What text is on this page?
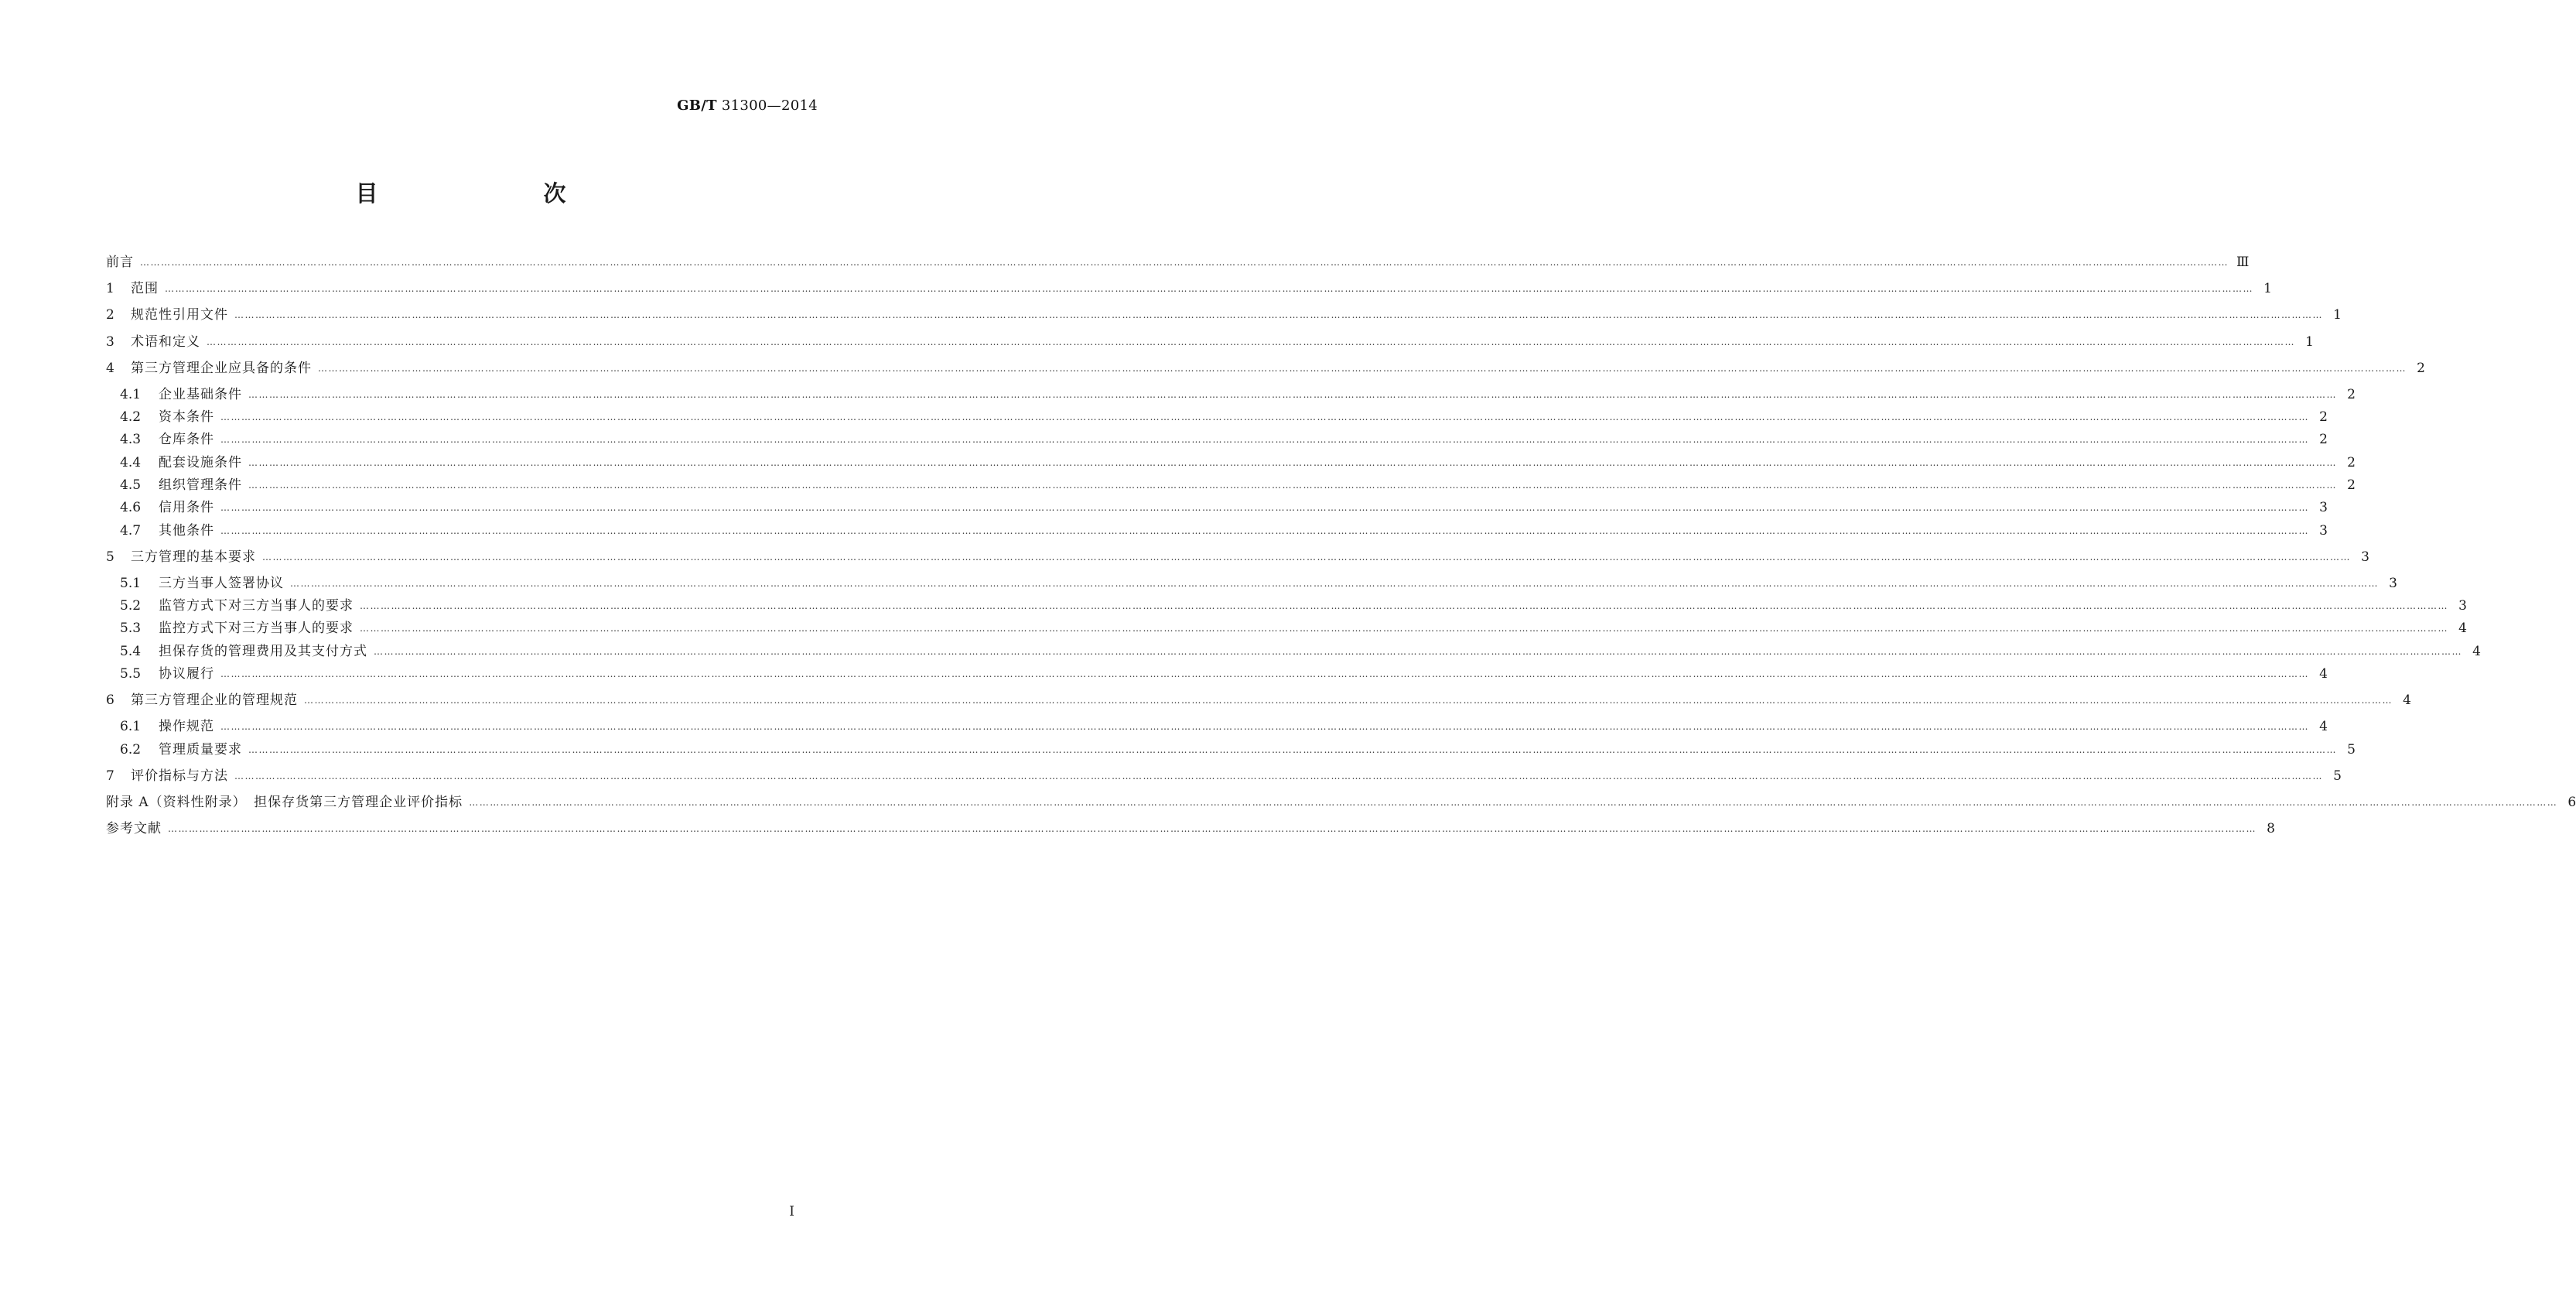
GB/T 31300—2014
目　　次
前言 …………………………………………………………………………………………………………………………………………………………………………………………………………………………………………………………………………………………………………………………………………………………………………………………………………………………………………………………………………………………………………………………………………………… Ⅲ
1	范围 …………………………………………………………………………………………………………………………………………………………………………………………………………………………………………………………………………………………………………………………………………………………………………………………………………………………………………………………………………………………………………………………………………………… 1
2	规范性引用文件 …………………………………………………………………………………………………………………………………………………………………………………………………………………………………………………………………………………………………………………………………………………………………………………………………………………………………………………………………………………………………………………………………………………… 1
3	术语和定义 …………………………………………………………………………………………………………………………………………………………………………………………………………………………………………………………………………………………………………………………………………………………………………………………………………………………………………………………………………………………………………………………………………………… 1
4	第三方管理企业应具备的条件 …………………………………………………………………………………………………………………………………………………………………………………………………………………………………………………………………………………………………………………………………………………………………………………………………………………………………………………………………………………………………………………………………………………… 2
4.1	企业基础条件 …………………………………………………………………………………………………………………………………………………………………………………………………………………………………………………………………………………………………………………………………………………………………………………………………………………………………………………………………………………………………………………………………………………… 2
4.2	资本条件 …………………………………………………………………………………………………………………………………………………………………………………………………………………………………………………………………………………………………………………………………………………………………………………………………………………………………………………………………………………………………………………………………………………… 2
4.3	仓库条件 …………………………………………………………………………………………………………………………………………………………………………………………………………………………………………………………………………………………………………………………………………………………………………………………………………………………………………………………………………………………………………………………………………………… 2
4.4	配套设施条件 …………………………………………………………………………………………………………………………………………………………………………………………………………………………………………………………………………………………………………………………………………………………………………………………………………………………………………………………………………………………………………………………………………………… 2
4.5	组织管理条件 …………………………………………………………………………………………………………………………………………………………………………………………………………………………………………………………………………………………………………………………………………………………………………………………………………………………………………………………………………………………………………………………………………………… 2
4.6	信用条件 …………………………………………………………………………………………………………………………………………………………………………………………………………………………………………………………………………………………………………………………………………………………………………………………………………………………………………………………………………………………………………………………………………………… 3
4.7	其他条件 …………………………………………………………………………………………………………………………………………………………………………………………………………………………………………………………………………………………………………………………………………………………………………………………………………………………………………………………………………………………………………………………………………………… 3
5	三方管理的基本要求 …………………………………………………………………………………………………………………………………………………………………………………………………………………………………………………………………………………………………………………………………………………………………………………………………………………………………………………………………………………………………………………………………………………… 3
5.1	三方当事人签署协议 …………………………………………………………………………………………………………………………………………………………………………………………………………………………………………………………………………………………………………………………………………………………………………………………………………………………………………………………………………………………………………………………………………………… 3
5.2	监管方式下对三方当事人的要求 …………………………………………………………………………………………………………………………………………………………………………………………………………………………………………………………………………………………………………………………………………………………………………………………………………………………………………………………………………………………………………………………………………………… 3
5.3	监控方式下对三方当事人的要求 …………………………………………………………………………………………………………………………………………………………………………………………………………………………………………………………………………………………………………………………………………………………………………………………………………………………………………………………………………………………………………………………………………………… 4
5.4	担保存货的管理费用及其支付方式 …………………………………………………………………………………………………………………………………………………………………………………………………………………………………………………………………………………………………………………………………………………………………………………………………………………………………………………………………………………………………………………………………………………… 4
5.5	协议履行 …………………………………………………………………………………………………………………………………………………………………………………………………………………………………………………………………………………………………………………………………………………………………………………………………………………………………………………………………………………………………………………………………………………… 4
6	第三方管理企业的管理规范 …………………………………………………………………………………………………………………………………………………………………………………………………………………………………………………………………………………………………………………………………………………………………………………………………………………………………………………………………………………………………………………………………………………… 4
6.1	操作规范 …………………………………………………………………………………………………………………………………………………………………………………………………………………………………………………………………………………………………………………………………………………………………………………………………………………………………………………………………………………………………………………………………………………… 4
6.2	管理质量要求 …………………………………………………………………………………………………………………………………………………………………………………………………………………………………………………………………………………………………………………………………………………………………………………………………………………………………………………………………………………………………………………………………………………… 5
7	评价指标与方法 …………………………………………………………………………………………………………………………………………………………………………………………………………………………………………………………………………………………………………………………………………………………………………………………………………………………………………………………………………………………………………………………………………………… 5
附录 A（资料性附录）　担保存货第三方管理企业评价指标 …………………………………………………………………………………………………………………………………………………………………………………………………………………………………………………………………………………………………………………………………………………………………………………………………………………………………………………………………………………………………………………………………………………… 6
参考文献 …………………………………………………………………………………………………………………………………………………………………………………………………………………………………………………………………………………………………………………………………………………………………………………………………………………………………………………………………………………………………………………………………………………… 8
I
